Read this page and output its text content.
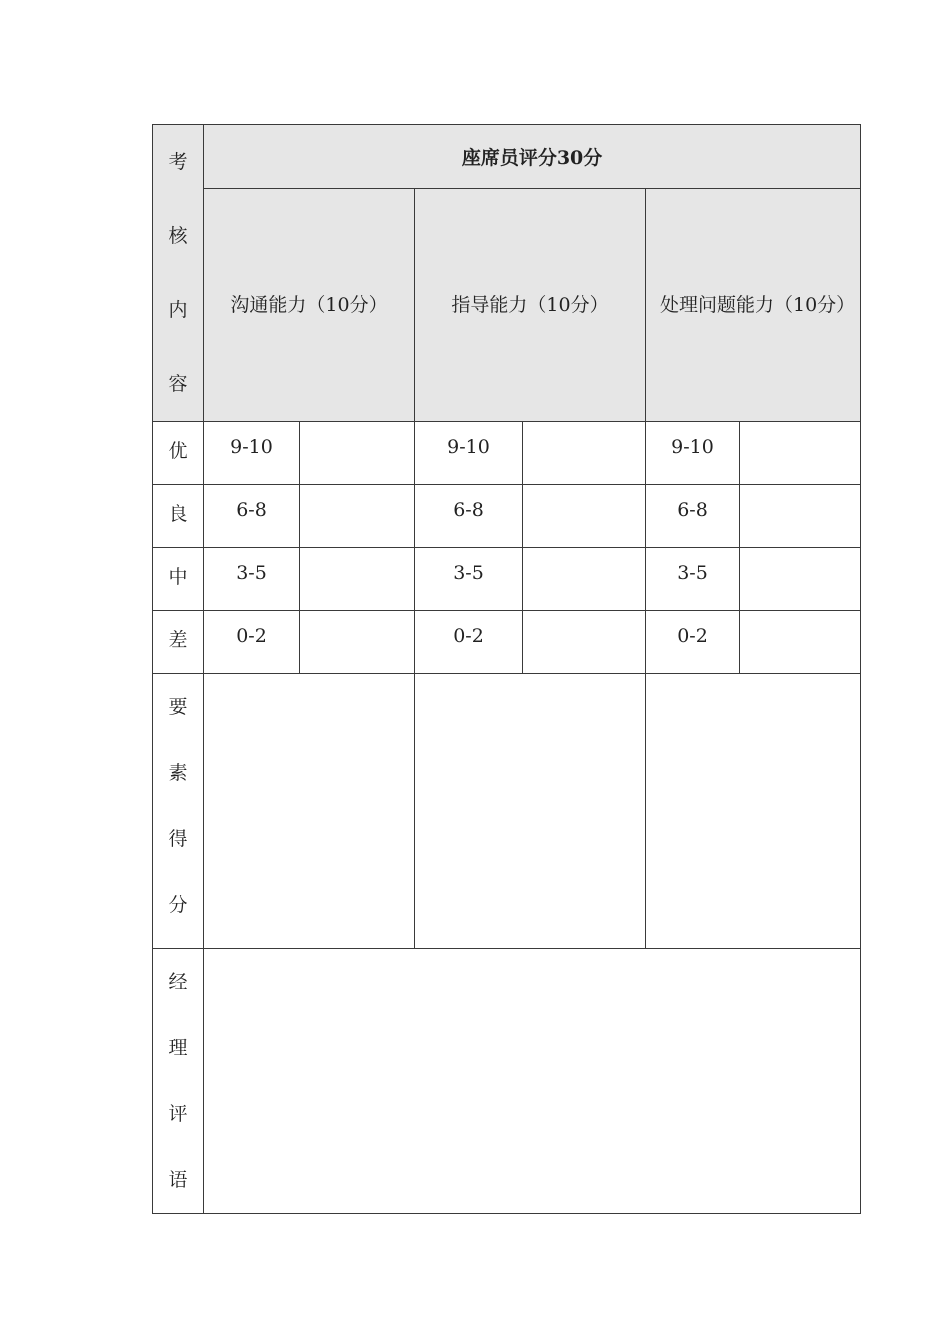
考
核
内
容	座席员评分30分					
	沟通能力（10分）		指导能力（10分）		处理问题能力（10分）	
优	9-10		9-10		9-10	
良	6-8		6-8		6-8	
中	3-5		3-5		3-5	
差	0-2		0-2		0-2	

要
素
得
分						

经
理
评
语						
